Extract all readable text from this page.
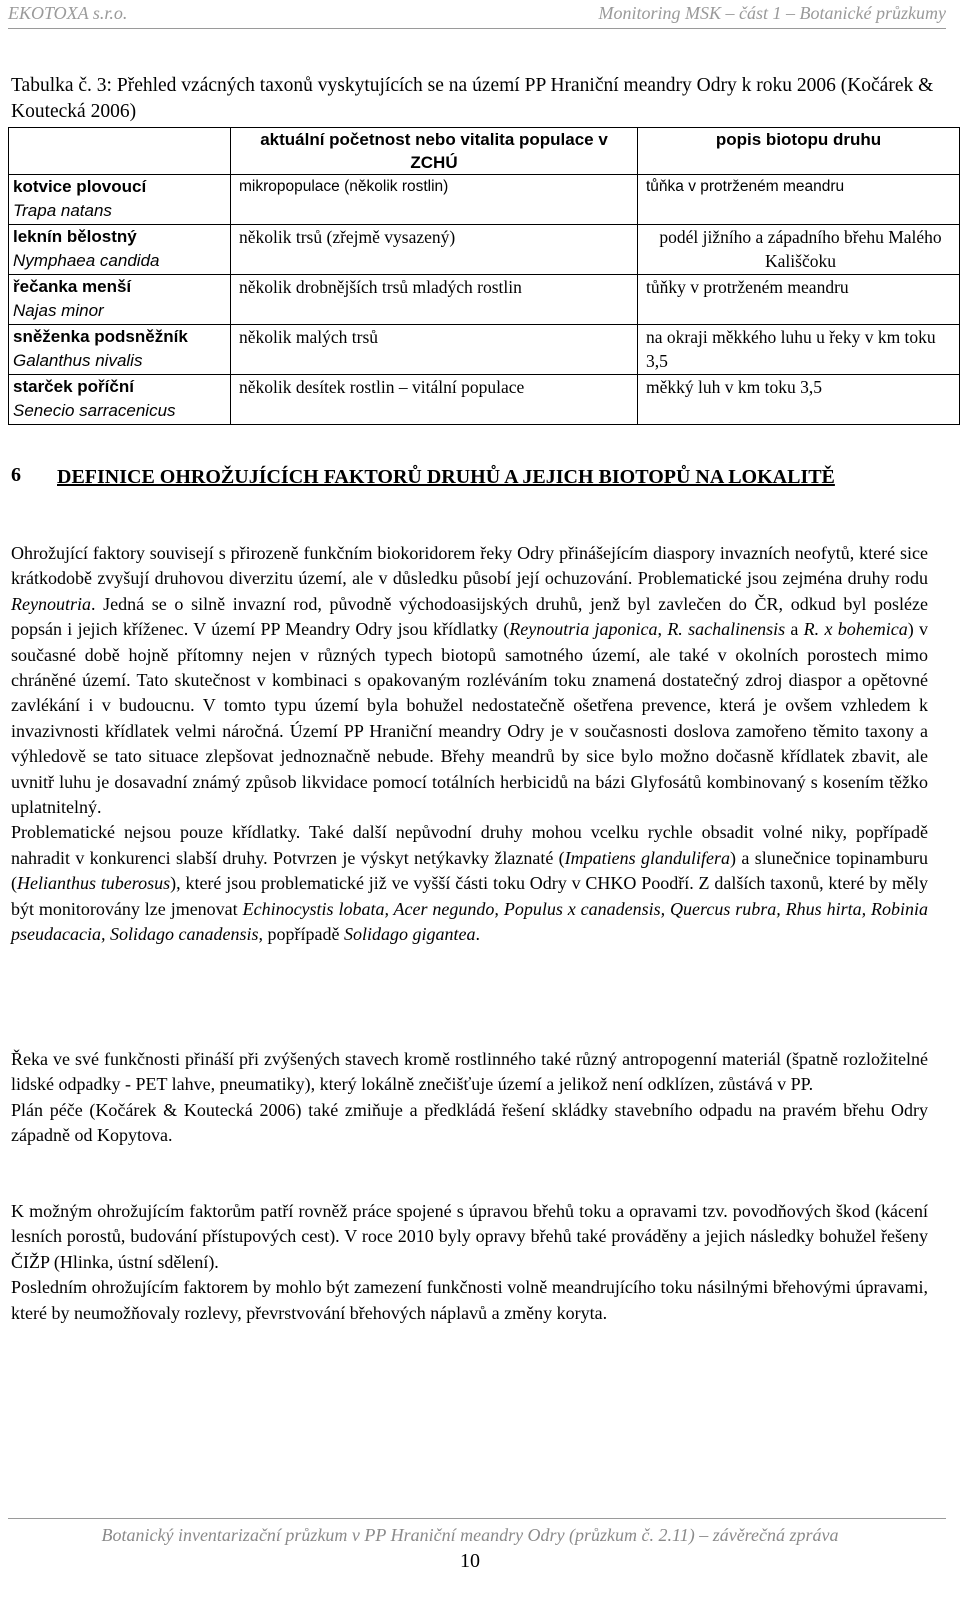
EKOTOXA s.r.o.	Monitoring MSK – část 1 – Botanické průzkumy
Tabulka č. 3: Přehled vzácných taxonů vyskytujících se na území PP Hraniční meandry Odry k roku 2006 (Kočárek & Koutecká 2006)
	aktuální početnost nebo vitalita populace v ZCHÚ	popis biotopu druhu

kotvice plovoucí
Trapa natans	mikropopulace (několik rostlin)	tůňka v protrženém meandru

leknín bělostný
Nymphaea candida	několik trsů (zřejmě vysazený)	podél jižního a západního břehu Malého Kališčoku

řečanka menší
Najas minor	několik drobnějších trsů mladých rostlin	tůňky v protrženém meandru

sněženka podsněžník
Galanthus nivalis	několik malých trsů	na okraji měkkého luhu u řeky v km toku 3,5

starček poříční
Senecio sarracenicus	několik desítek rostlin – vitální populace	měkký luh v km toku 3,5
6 DEFINICE OHROŽUJÍCÍCH FAKTORŮ DRUHŮ A JEJICH BIOTOPŮ NA LOKALITĚ

Ohrožující faktory souvisejí s přirozeně funkčním biokoridorem řeky Odry přinášejícím diaspory invazních neofytů, které sice krátkodobě zvyšují druhovou diverzitu území, ale v důsledku působí její ochuzování. Problematické jsou zejména druhy rodu Reynoutria. Jedná se o silně invazní rod, původně východoasijských druhů, jenž byl zavlečen do ČR, odkud byl posléze popsán i jejich kříženec. V území PP Meandry Odry jsou křídlatky (Reynoutria japonica, R. sachalinensis a R. x bohemica) v současné době hojně přítomny nejen v různých typech biotopů samotného území, ale také v okolních porostech mimo chráněné území. Tato skutečnost v kombinaci s opakovaným rozléváním toku znamená dostatečný zdroj diaspor a opětovné zavlékání i v budoucnu. V tomto typu území byla bohužel nedostatečně ošetřena prevence, která je ovšem vzhledem k invazivnosti křídlatek velmi náročná. Území PP Hraniční meandry Odry je v současnosti doslova zamořeno těmito taxony a výhledově se tato situace zlepšovat jednoznačně nebude. Břehy meandrů by sice bylo možno dočasně křídlatek zbavit, ale uvnitř luhu je dosavadní známý způsob likvidace pomocí totálních herbicidů na bázi Glyfosátů kombinovaný s kosením těžko uplatnitelný.

Problematické nejsou pouze křídlatky. Také další nepůvodní druhy mohou vcelku rychle obsadit volné niky, popřípadě nahradit v konkurenci slabší druhy. Potvrzen je výskyt netýkavky žlaznaté (Impatiens glandulifera) a slunečnice topinamburu (Helianthus tuberosus), které jsou problematické již ve vyšší části toku Odry v CHKO Poodří. Z dalších taxonů, které by měly být monitorovány lze jmenovat Echinocystis lobata, Acer negundo, Populus x canadensis, Quercus rubra, Rhus hirta, Robinia pseudacacia, Solidago canadensis, popřípadě Solidago gigantea.

Řeka ve své funkčnosti přináší při zvýšených stavech kromě rostlinného také různý antropogenní materiál (špatně rozložitelné lidské odpadky - PET lahve, pneumatiky), který lokálně znečišťuje území a jelikož není odklízen, zůstává v PP.

Plán péče (Kočárek & Koutecká 2006) také zmiňuje a předkládá řešení skládky stavebního odpadu na pravém břehu Odry západně od Kopytova.

K možným ohrožujícím faktorům patří rovněž práce spojené s úpravou břehů toku a opravami tzv. povodňových škod (kácení lesních porostů, budování přístupových cest). V roce 2010 byly opravy břehů také prováděny a jejich následky bohužel řešeny ČIŽP (Hlinka, ústní sdělení).

Posledním ohrožujícím faktorem by mohlo být zamezení funkčnosti volně meandrujícího toku násilnými břehovými úpravami, které by neumožňovaly rozlevy, převrstvování břehových náplavů a změny koryta.

Botanický inventarizační průzkum v PP Hraniční meandry Odry (průzkum č. 2.11) – závěrečná zpráva
10
